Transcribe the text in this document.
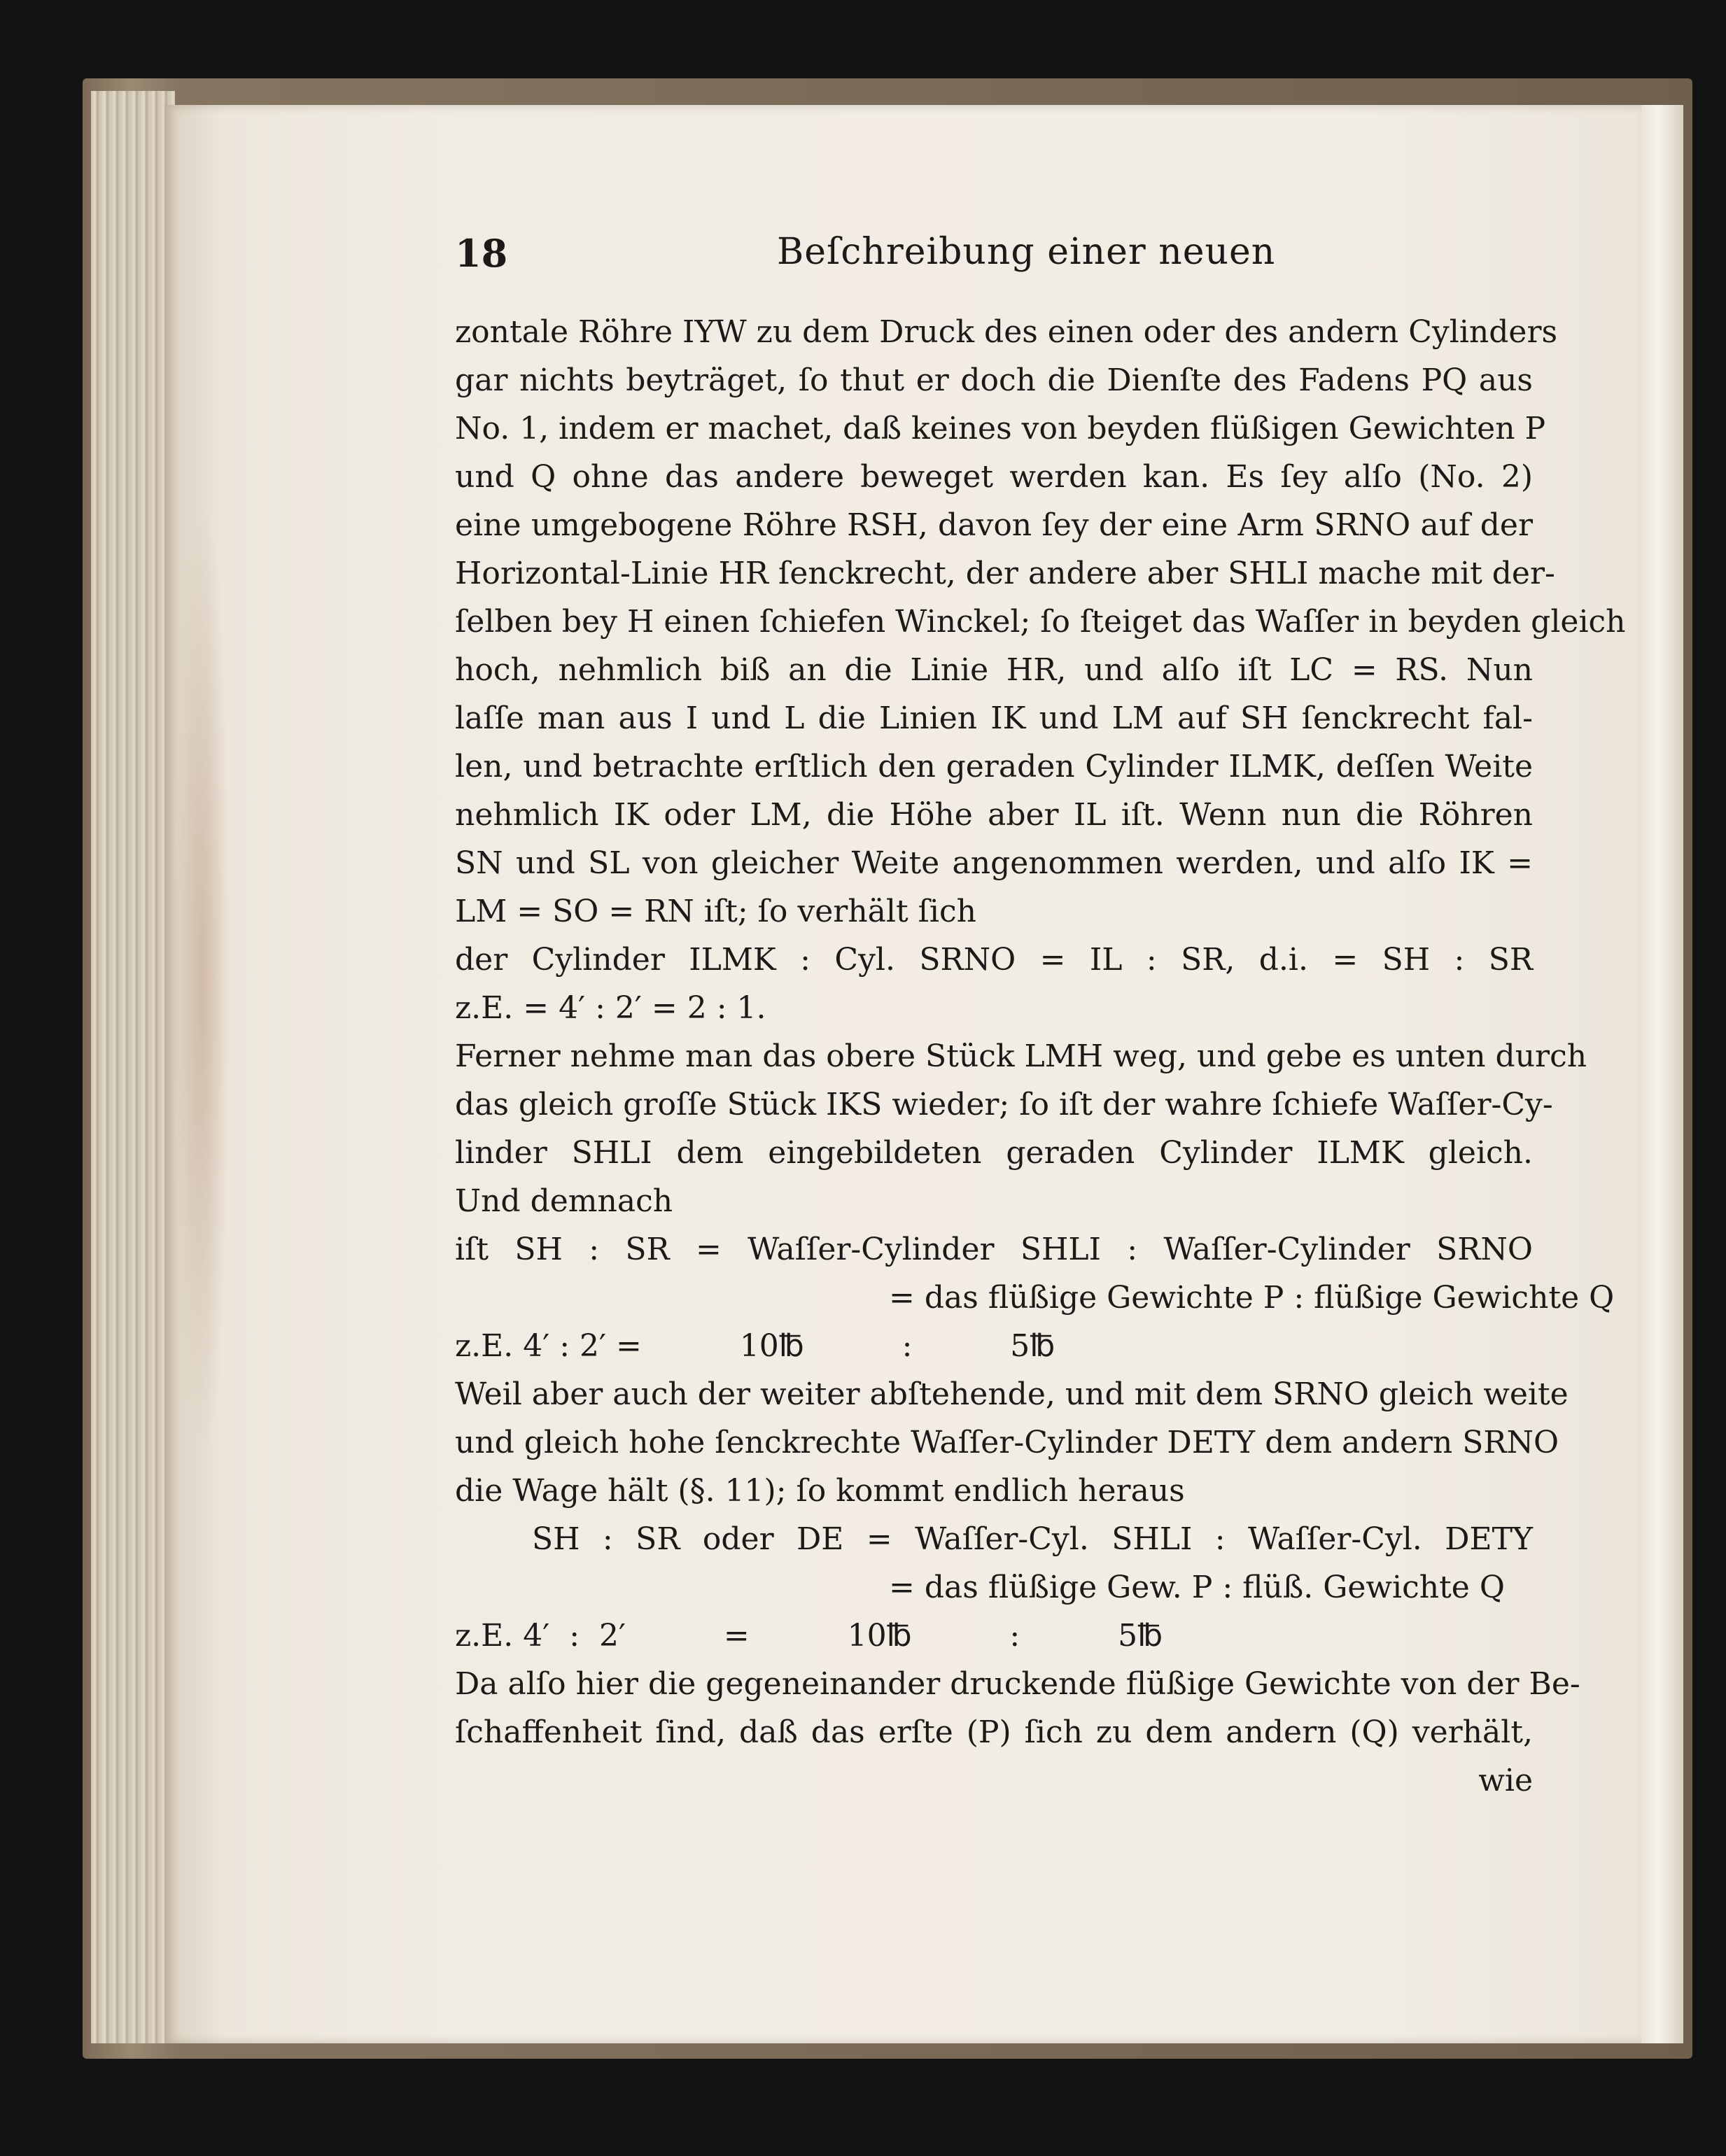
18	Beſchreibung einer neuen
zontale Röhre IYW zu dem Druck des einen oder des andern Cylinders
gar nichts beyträget, ſo thut er doch die Dienſte des Fadens PQ aus
No. 1, indem er machet, daß keines von beyden flüßigen Gewichten P
und Q ohne das andere beweget werden kan. Es ſey alſo (No. 2)
eine umgebogene Röhre RSH, davon ſey der eine Arm SRNO auf der
Horizontal-Linie HR ſenckrecht, der andere aber SHLI mache mit der-
ſelben bey H einen ſchiefen Winckel; ſo ſteiget das Waſſer in beyden gleich
hoch, nehmlich biß an die Linie HR, und alſo iſt LC = RS. Nun
laſſe man aus I und L die Linien IK und LM auf SH ſenckrecht fal-
len, und betrachte erſtlich den geraden Cylinder ILMK, deſſen Weite
nehmlich IK oder LM, die Höhe aber IL iſt. Wenn nun die Röhren
SN und SL von gleicher Weite angenommen werden, und alſo IK =
LM = SO = RN iſt; ſo verhält ſich
der Cylinder ILMK : Cyl. SRNO = IL : SR, d.i. = SH : SR
z.E. = 4′ : 2′ = 2 : 1.
Ferner nehme man das obere Stück LMH weg, und gebe es unten durch
das gleich groſſe Stück IKS wieder; ſo iſt der wahre ſchiefe Waſſer-Cy-
linder SHLI dem eingebildeten geraden Cylinder ILMK gleich.
Und demnach
iſt SH : SR = Waſſer-Cylinder SHLI : Waſſer-Cylinder SRNO
= das flüßige Gewichte P : flüßige Gewichte Q
z.E. 4′ : 2′ =          10℔          :          5℔
Weil aber auch der weiter abſtehende, und mit dem SRNO gleich weite
und gleich hohe ſenckrechte Waſſer-Cylinder DETY dem andern SRNO
die Wage hält (§. 11); ſo kommt endlich heraus
SH : SR oder DE = Waſſer-Cyl. SHLI : Waſſer-Cyl. DETY
= das flüßige Gew. P : flüß. Gewichte Q
z.E. 4′  :  2′          =          10℔          :          5℔
Da alſo hier die gegeneinander druckende flüßige Gewichte von der Be-
ſchaffenheit ſind, daß das erſte (P) ſich zu dem andern (Q) verhält,
wie
